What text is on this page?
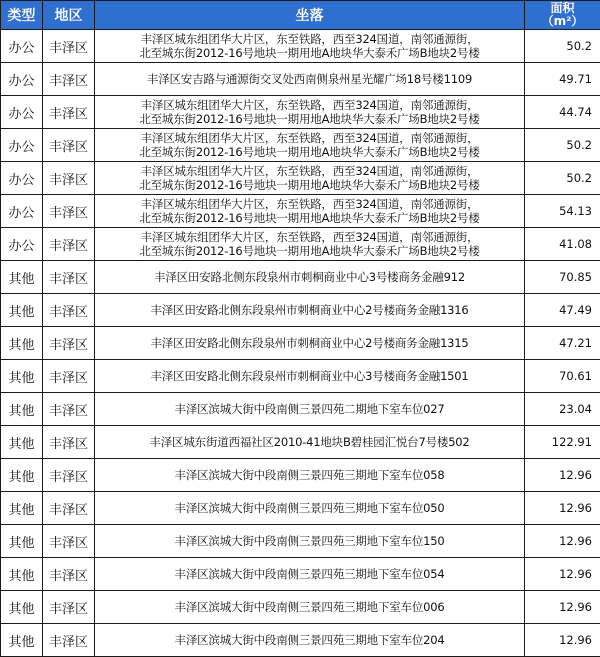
类型	地区	坐落	面积
（m²）

办公	丰泽区	丰泽区城东组团华大片区，东至铁路，西至324国道，南邻通源街，
北至城东街2012-16号地块一期用地A地块华大泰禾广场B地块2号楼	50.2
办公	丰泽区	丰泽区安吉路与通源街交叉处西南侧泉州星光耀广场18号楼1109	49.71
办公	丰泽区	丰泽区城东组团华大片区，东至铁路，西至324国道，南邻通源街，
北至城东街2012-16号地块一期用地A地块华大泰禾广场B地块2号楼	44.74
办公	丰泽区	丰泽区城东组团华大片区，东至铁路，西至324国道，南邻通源街，
北至城东街2012-16号地块一期用地A地块华大泰禾广场B地块2号楼	50.2
办公	丰泽区	丰泽区城东组团华大片区，东至铁路，西至324国道，南邻通源街，
北至城东街2012-16号地块一期用地A地块华大泰禾广场B地块2号楼	50.2
办公	丰泽区	丰泽区城东组团华大片区，东至铁路，西至324国道，南邻通源街，
北至城东街2012-16号地块一期用地A地块华大泰禾广场B地块2号楼	54.13
办公	丰泽区	丰泽区城东组团华大片区，东至铁路，西至324国道，南邻通源街，
北至城东街2012-16号地块一期用地A地块华大泰禾广场B地块2号楼	41.08
其他	丰泽区	丰泽区田安路北侧东段泉州市刺桐商业中心3号楼商务金融912	70.85
其他	丰泽区	丰泽区田安路北侧东段泉州市刺桐商业中心2号楼商务金融1316	47.49
其他	丰泽区	丰泽区田安路北侧东段泉州市刺桐商业中心2号楼商务金融1315	47.21
其他	丰泽区	丰泽区田安路北侧东段泉州市刺桐商业中心3号楼商务金融1501	70.61
其他	丰泽区	丰泽区滨城大街中段南侧三景四苑二期地下室车位027	23.04
其他	丰泽区	丰泽区城东街道西福社区2010-41地块B碧桂园汇悦台7号楼502	122.91
其他	丰泽区	丰泽区滨城大街中段南侧三景四苑三期地下室车位058	12.96
其他	丰泽区	丰泽区滨城大街中段南侧三景四苑三期地下室车位050	12.96
其他	丰泽区	丰泽区滨城大街中段南侧三景四苑三期地下室车位150	12.96
其他	丰泽区	丰泽区滨城大街中段南侧三景四苑三期地下室车位054	12.96
其他	丰泽区	丰泽区滨城大街中段南侧三景四苑三期地下室车位006	12.96
其他	丰泽区	丰泽区滨城大街中段南侧三景四苑三期地下室车位204	12.96
